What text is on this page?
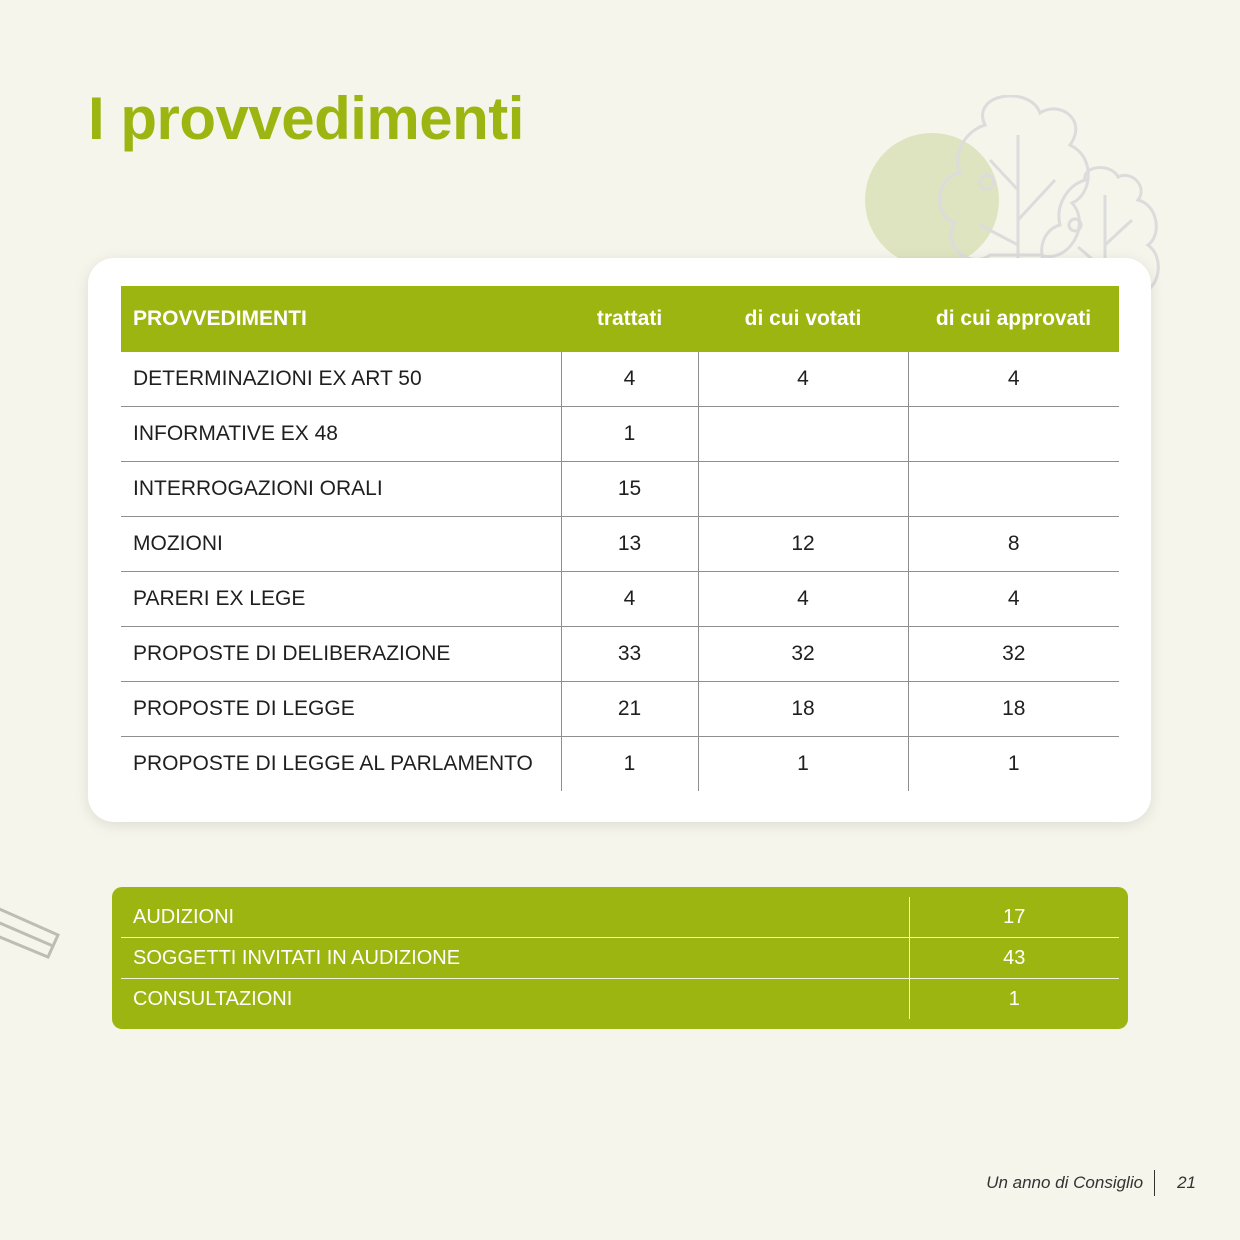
I provvedimenti
PROVVEDIMENTI	trattati	di cui votati	di cui approvati
DETERMINAZIONI EX ART 50	4	4	4
INFORMATIVE EX 48	1		
INTERROGAZIONI ORALI	15		
MOZIONI	13	12	8
PARERI EX LEGE	4	4	4
PROPOSTE DI DELIBERAZIONE	33	32	32
PROPOSTE DI LEGGE	21	18	18
PROPOSTE DI LEGGE AL PARLAMENTO	1	1	1
AUDIZIONI	17
SOGGETTI INVITATI IN AUDIZIONE	43
CONSULTAZIONI	1
Un anno di Consiglio 21
